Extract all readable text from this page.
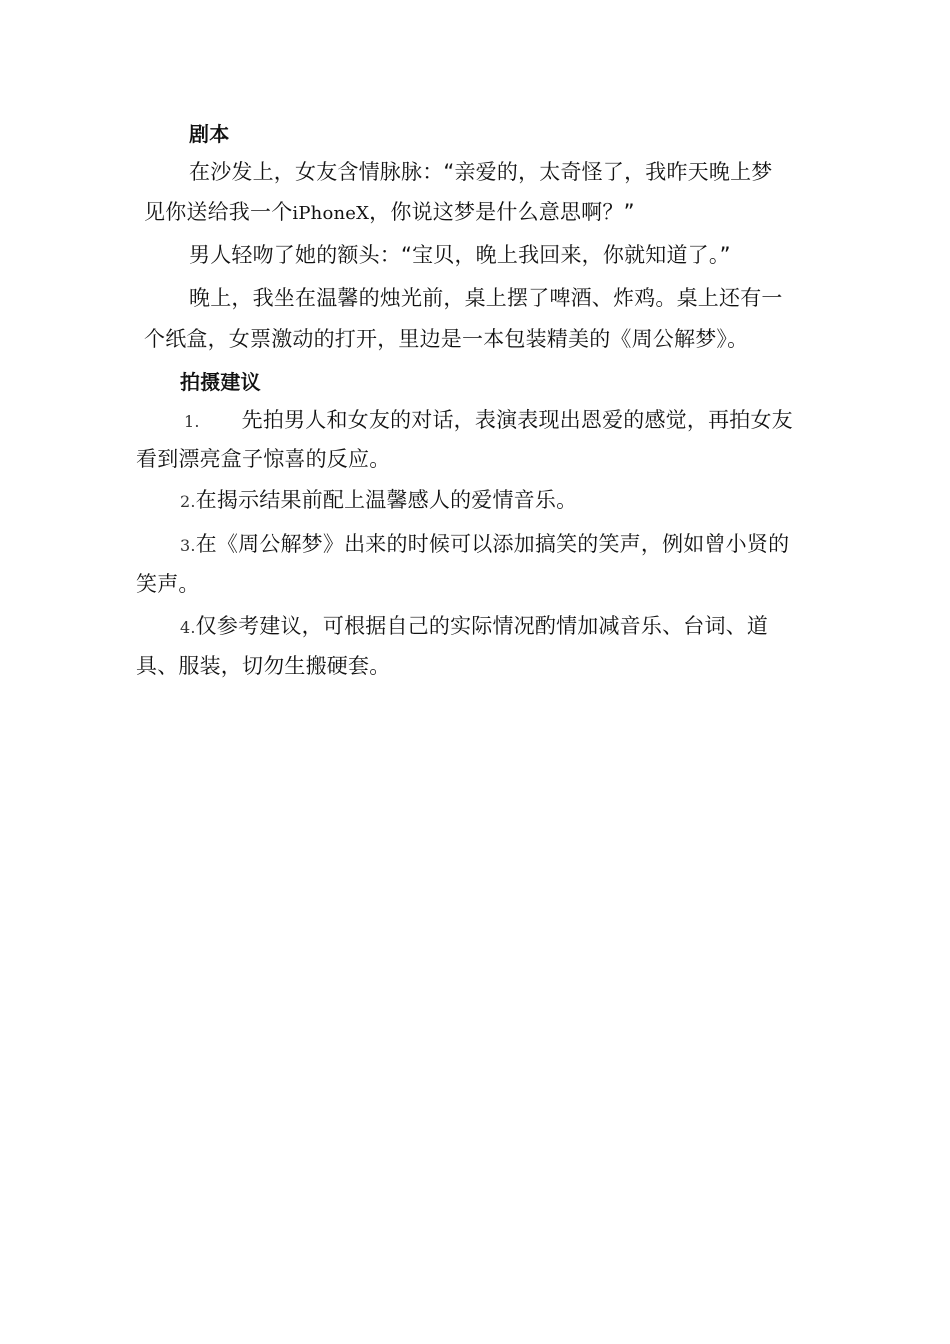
剧本
在沙发上，女友含情脉脉：“亲爱的，太奇怪了，我昨天晚上梦
见你送给我一个iPhoneX，你说这梦是什么意思啊？”
男人轻吻了她的额头：“宝贝，晚上我回来，你就知道了。”
晚上，我坐在温馨的烛光前，桌上摆了啤酒、炸鸡。桌上还有一
个纸盒，女票激动的打开，里边是一本包装精美的《周公解梦》。
拍摄建议
1. 先拍男人和女友的对话，表演表现出恩爱的感觉，再拍女友
看到漂亮盒子惊喜的反应。
2.在揭示结果前配上温馨感人的爱情音乐。
3.在《周公解梦》出来的时候可以添加搞笑的笑声，例如曾小贤的
笑声。
4.仅参考建议，可根据自己的实际情况酌情加减音乐、台词、道
具、服装，切勿生搬硬套。
